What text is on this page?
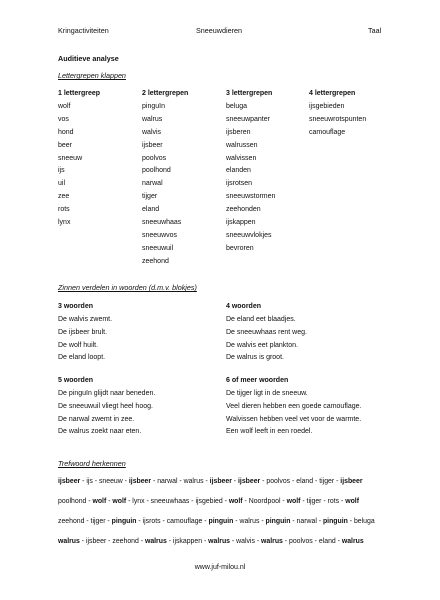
Kringactiviteiten	Sneeuwdieren	Taal
Auditieve analyse
Lettergrepen klappen
1 lettergreep
wolf
vos
hond
beer
sneeuw
ijs
uil
zee
rots
lynx
2 lettergrepen
pinguïn
walrus
walvis
ijsbeer
poolvos
poolhond
narwal
tijger
eland
sneeuwhaas
sneeuwvos
sneeuwuil
zeehond
3 lettergrepen
beluga
sneeuwpanter
ijsberen
walrussen
walvissen
elanden
ijsrotsen
sneeuwstormen
zeehonden
ijskappen
sneeuwvlokjes
bevroren
4 lettergrepen
ijsgebieden
sneeuwrotspunten
camouflage
Zinnen verdelen in woorden (d.m.v. blokjes)
3 woorden
De walvis zwemt.
De ijsbeer brult.
De wolf huilt.
De eland loopt.
4 woorden
De eland eet blaadjes.
De sneeuwhaas rent weg.
De walvis eet plankton.
De walrus is groot.
5 woorden
De pinguïn glijdt naar beneden.
De sneeuwuil vliegt heel hoog.
De narwal zwemt in zee.
De walrus zoekt naar eten.
6 of meer woorden
De tijger ligt in de sneeuw.
Veel dieren hebben een goede camouflage.
Walvissen hebben veel vet voor de warmte.
Een wolf leeft in een roedel.
Trefwoord herkennen
ijsbeer - ijs - sneeuw - ijsbeer - narwal - walrus - ijsbeer - ijsbeer - poolvos - eland - tijger - ijsbeer
poolhond - wolf - wolf - lynx - sneeuwhaas - ijsgebied - wolf - Noordpool - wolf - tijger - rots - wolf
zeehond - tijger - pinguin - ijsrots - camouflage - pinguin - walrus - pinguin - narwal - pinguin - beluga
walrus - ijsbeer - zeehond - walrus - ijskappen - walrus - walvis - walrus - poolvos - eland - walrus
www.juf-milou.nl
